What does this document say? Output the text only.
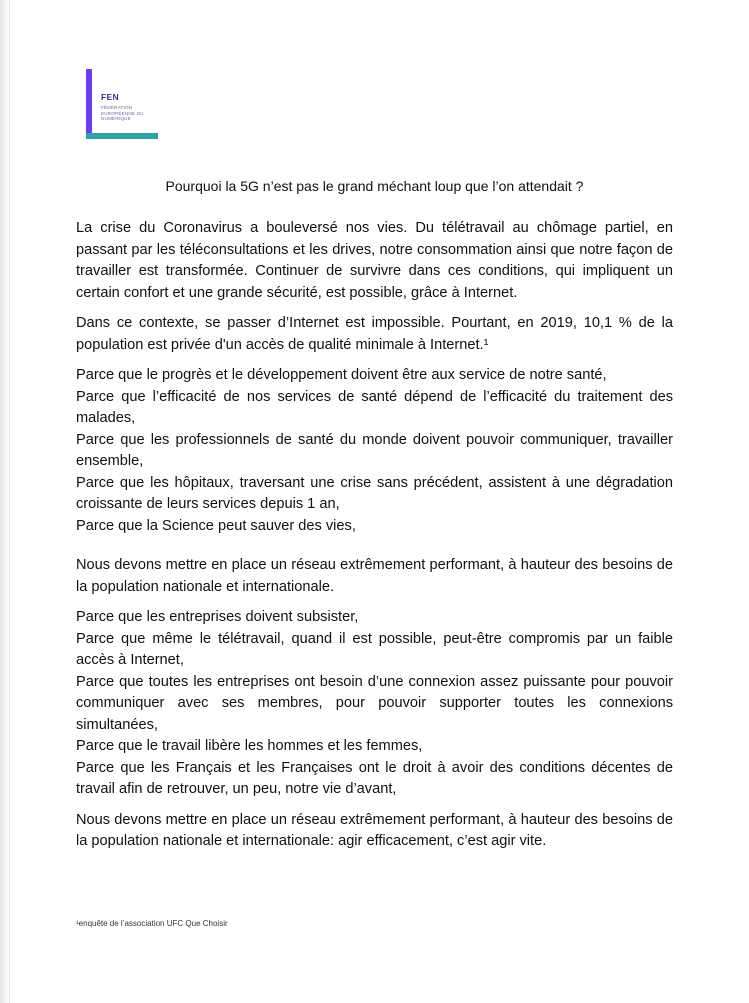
FEN
FÉDÉRATION EUROPÉENNE DU NUMÉRIQUE
Pourquoi la 5G n’est pas le grand méchant loup que l’on attendait ?

La crise du Coronavirus a bouleversé nos vies. Du télétravail au chômage partiel, en passant par les téléconsultations et les drives, notre consommation ainsi que notre façon de travailler est transformée. Continuer de survivre dans ces conditions, qui impliquent un certain confort et une grande sécurité, est possible, grâce à Internet.

Dans ce contexte, se passer d’Internet est impossible. Pourtant, en 2019, 10,1 % de la population est privée d'un accès de qualité minimale à Internet.¹

Parce que le progrès et le développement doivent être aux service de notre santé,

Parce que l’efficacité de nos services de santé dépend de l’efficacité du traitement des malades,

Parce que les professionnels de santé du monde doivent pouvoir communiquer, travailler ensemble,

Parce que les hôpitaux, traversant une crise sans précédent, assistent à une dégradation croissante de leurs services depuis 1 an,

Parce que la Science peut sauver des vies,

Nous devons mettre en place un réseau extrêmement performant, à hauteur des besoins de la population nationale et internationale.

Parce que les entreprises doivent subsister,

Parce que même le télétravail, quand il est possible, peut-être compromis par un faible accès à Internet,

Parce que toutes les entreprises ont besoin d’une connexion assez puissante pour pouvoir communiquer avec ses membres, pour pouvoir supporter toutes les connexions simultanées,

Parce que le travail libère les hommes et les femmes,

Parce que les Français et les Françaises ont le droit à avoir des conditions décentes de travail afin de retrouver, un peu, notre vie d’avant,

Nous devons mettre en place un réseau extrêmement performant, à hauteur des besoins de la population nationale et internationale: agir efficacement, c’est agir vite.

¹enquête de l’association UFC Que Choisir
